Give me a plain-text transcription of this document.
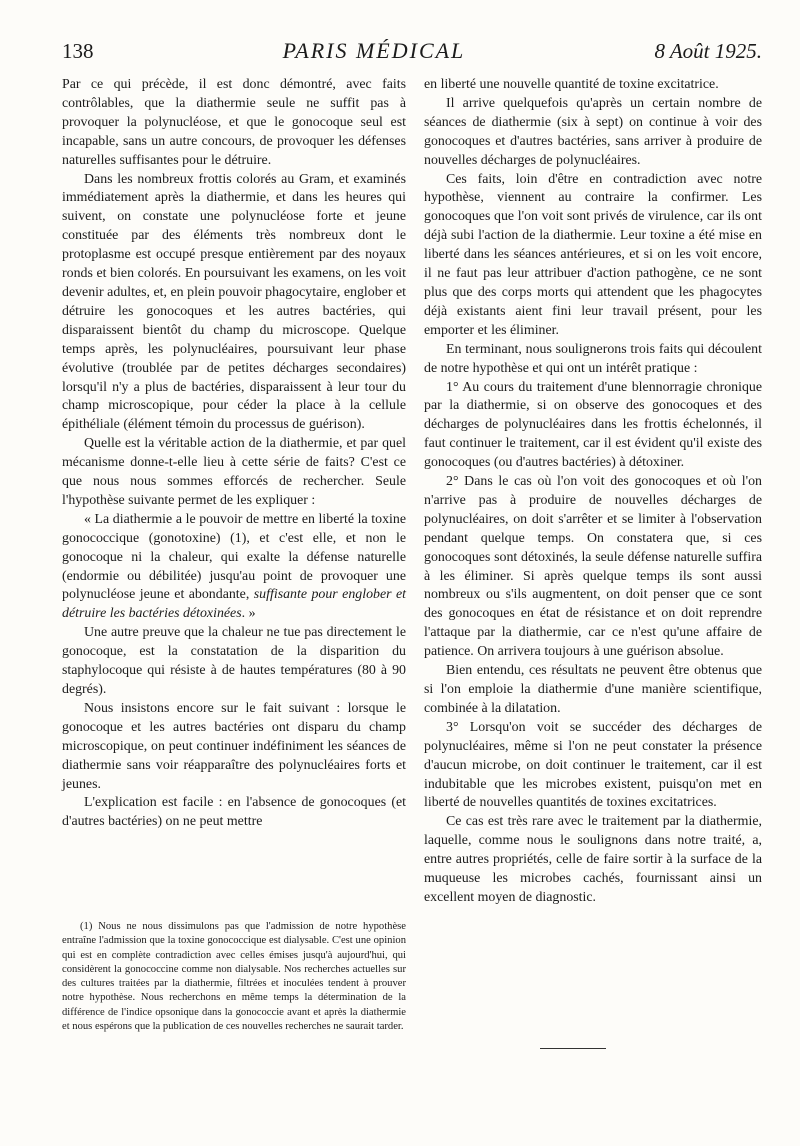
138	PARIS MÉDICAL	8 Août 1925.

Par ce qui précède, il est donc démontré, avec faits contrôlables, que la diathermie seule ne suffit pas à provoquer la polynucléose, et que le gonocoque seul est incapable, sans un autre concours, de provoquer les défenses naturelles suffisantes pour le détruire.

Dans les nombreux frottis colorés au Gram, et examinés immédiatement après la diathermie, et dans les heures qui suivent, on constate une polynucléose forte et jeune constituée par des éléments très nombreux dont le protoplasme est occupé presque entièrement par des noyaux ronds et bien colorés. En poursuivant les examens, on les voit devenir adultes, et, en plein pouvoir phagocytaire, englober et détruire les gonocoques et les autres bactéries, qui disparaissent bientôt du champ du microscope. Quelque temps après, les polynucléaires, poursuivant leur phase évolutive (troublée par de petites décharges secondaires) lorsqu'il n'y a plus de bactéries, disparaissent à leur tour du champ microscopique, pour céder la place à la cellule épithéliale (élément témoin du processus de guérison).

Quelle est la véritable action de la diathermie, et par quel mécanisme donne-t-elle lieu à cette série de faits? C'est ce que nous nous sommes efforcés de rechercher. Seule l'hypothèse suivante permet de les expliquer :

« La diathermie a le pouvoir de mettre en liberté la toxine gonococcique (gonotoxine) (1), et c'est elle, et non le gonocoque ni la chaleur, qui exalte la défense naturelle (endormie ou débilitée) jusqu'au point de provoquer une polynucléose jeune et abondante, suffisante pour englober et détruire les bactéries détoxinées. »

Une autre preuve que la chaleur ne tue pas directement le gonocoque, est la constatation de la disparition du staphylocoque qui résiste à de hautes températures (80 à 90 degrés).

Nous insistons encore sur le fait suivant : lorsque le gonocoque et les autres bactéries ont disparu du champ microscopique, on peut continuer indéfiniment les séances de diathermie sans voir réapparaître des polynucléaires forts et jeunes.

L'explication est facile : en l'absence de gonocoques (et d'autres bactéries) on ne peut mettre

(1) Nous ne nous dissimulons pas que l'admission de notre hypothèse entraîne l'admission que la toxine gonococcique est dialysable. C'est une opinion qui est en complète contradiction avec celles émises jusqu'à aujourd'hui, qui considèrent la gonococcine comme non dialysable. Nos recherches actuelles sur des cultures traitées par la diathermie, filtrées et inoculées tendent à prouver notre hypothèse. Nous recherchons en même temps la détermination de la différence de l'indice opsonique dans la gonococcie avant et après la diathermie et nous espérons que la publication de ces nouvelles recherches ne saurait tarder.

en liberté une nouvelle quantité de toxine excitatrice.

Il arrive quelquefois qu'après un certain nombre de séances de diathermie (six à sept) on continue à voir des gonocoques et d'autres bactéries, sans arriver à produire de nouvelles décharges de polynucléaires.

Ces faits, loin d'être en contradiction avec notre hypothèse, viennent au contraire la confirmer. Les gonocoques que l'on voit sont privés de virulence, car ils ont déjà subi l'action de la diathermie. Leur toxine a été mise en liberté dans les séances antérieures, et si on les voit encore, il ne faut pas leur attribuer d'action pathogène, ce ne sont plus que des corps morts qui attendent que les phagocytes déjà existants aient fini leur travail présent, pour les emporter et les éliminer.

En terminant, nous soulignerons trois faits qui découlent de notre hypothèse et qui ont un intérêt pratique :

1° Au cours du traitement d'une blennorragie chronique par la diathermie, si on observe des gonocoques et des décharges de polynucléaires dans les frottis échelonnés, il faut continuer le traitement, car il est évident qu'il existe des gonocoques (ou d'autres bactéries) à détoxiner.

2° Dans le cas où l'on voit des gonocoques et où l'on n'arrive pas à produire de nouvelles décharges de polynucléaires, on doit s'arrêter et se limiter à l'observation pendant quelque temps. On constatera que, si ces gonocoques sont détoxinés, la seule défense naturelle suffira à les éliminer. Si après quelque temps ils sont aussi nombreux ou s'ils augmentent, on doit penser que ce sont des gonocoques en état de résistance et on doit reprendre l'attaque par la diathermie, car ce n'est qu'une affaire de patience. On arrivera toujours à une guérison absolue.

Bien entendu, ces résultats ne peuvent être obtenus que si l'on emploie la diathermie d'une manière scientifique, combinée à la dilatation.

3° Lorsqu'on voit se succéder des décharges de polynucléaires, même si l'on ne peut constater la présence d'aucun microbe, on doit continuer le traitement, car il est indubitable que les microbes existent, puisqu'on met en liberté de nouvelles quantités de toxines excitatrices.

Ce cas est très rare avec le traitement par la diathermie, laquelle, comme nous le soulignons dans notre traité, a, entre autres propriétés, celle de faire sortir à la surface de la muqueuse les microbes cachés, fournissant ainsi un excellent moyen de diagnostic.
